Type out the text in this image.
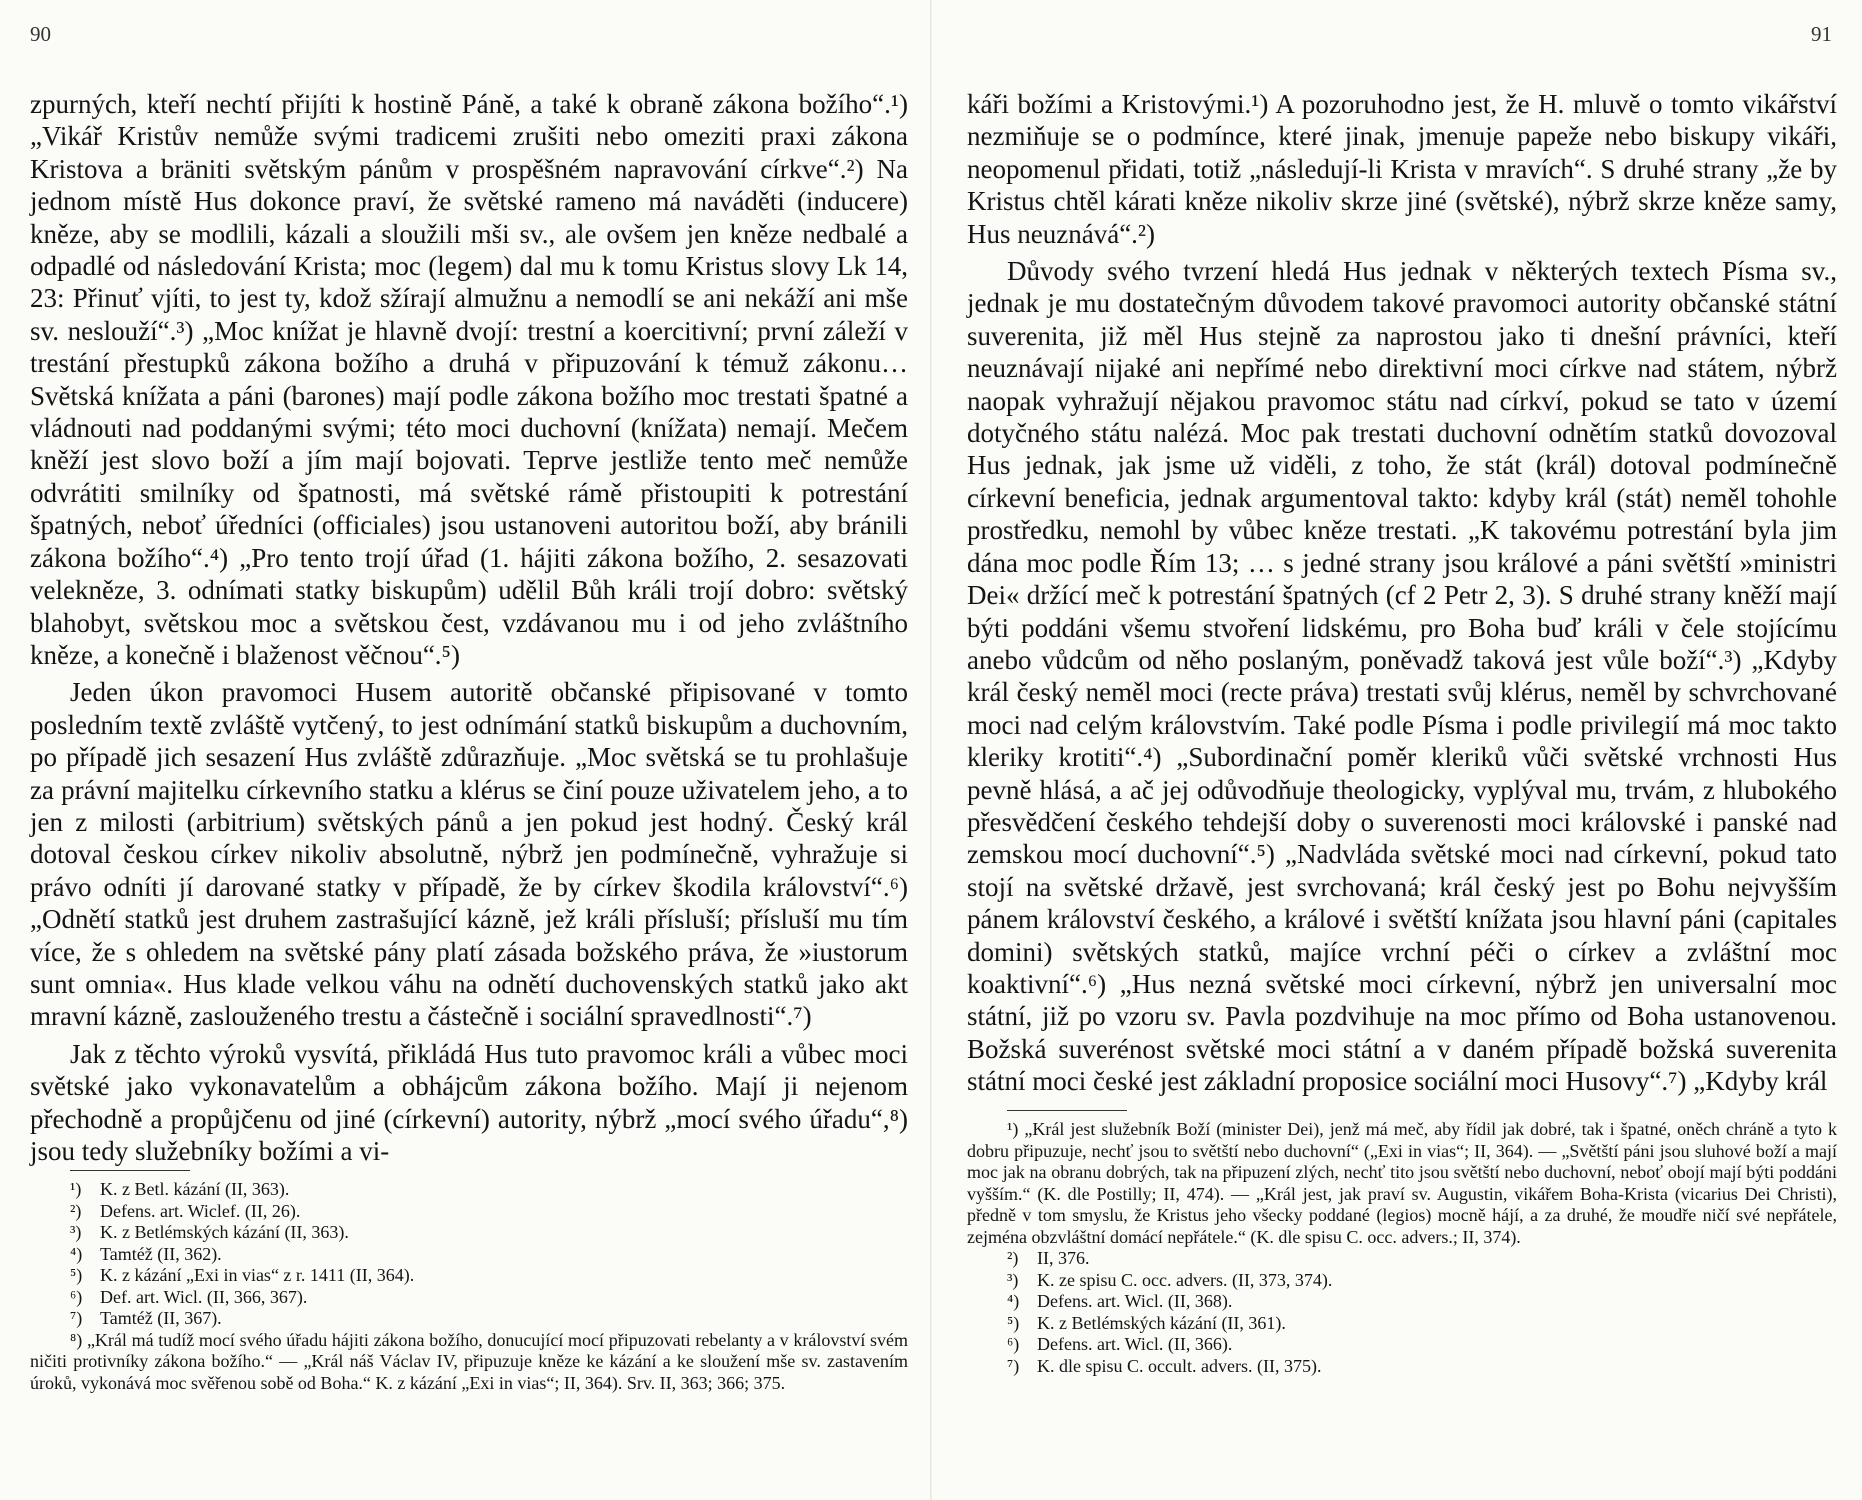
90

zpurných, kteří nechtí přijíti k hostině Páně, a také k obraně zákona božího“.¹) „Vikář Kristův nemůže svými tradicemi zrušiti nebo omeziti praxi zákona Kristova a bräniti světským pánům v prospěšném napravování církve“.²) Na jednom místě Hus dokonce praví, že světské rameno má naváděti (inducere) kněze, aby se modlili, kázali a sloužili mši sv., ale ovšem jen kněze nedbalé a odpadlé od následování Krista; moc (legem) dal mu k tomu Kristus slovy Lk 14, 23: Přinuť vjíti, to jest ty, kdož sžírají almužnu a nemodlí se ani nekáží ani mše sv. neslouží“.³) „Moc knížat je hlavně dvojí: trestní a koercitivní; první záleží v trestání přestupků zákona božího a druhá v připuzování k témuž zákonu… Světská knížata a páni (barones) mají podle zákona božího moc trestati špatné a vládnouti nad poddanými svými; této moci duchovní (knížata) nemají. Mečem kněží jest slovo boží a jím mají bojovati. Teprve jestliže tento meč nemůže odvrátiti smilníky od špatnosti, má světské rámě přistoupiti k potrestání špatných, neboť úředníci (officiales) jsou ustanoveni autoritou boží, aby bránili zákona božího“.⁴) „Pro tento trojí úřad (1. hájiti zákona božího, 2. sesazovati velekněze, 3. odnímati statky biskupům) udělil Bůh králi trojí dobro: světský blahobyt, světskou moc a světskou čest, vzdávanou mu i od jeho zvláštního kněze, a konečně i blaženost věčnou“.⁵)

Jeden úkon pravomoci Husem autoritě občanské připisované v tomto posledním textě zvláště vytčený, to jest odnímání statků biskupům a duchovním, po případě jich sesazení Hus zvláště zdůrazňuje. „Moc světská se tu prohlašuje za právní majitelku církevního statku a klérus se činí pouze uživatelem jeho, a to jen z milosti (arbitrium) světských pánů a jen pokud jest hodný. Český král dotoval českou církev nikoliv absolutně, nýbrž jen podmínečně, vyhražuje si právo odníti jí darované statky v případě, že by církev škodila království“.⁶) „Odnětí statků jest druhem zastrašující kázně, jež králi přísluší; přísluší mu tím více, že s ohledem na světské pány platí zásada božského práva, že »iustorum sunt omnia«. Hus klade velkou váhu na odnětí duchovenských statků jako akt mravní kázně, zaslouženého trestu a částečně i sociální spravedlnosti“.⁷)

Jak z těchto výroků vysvítá, přikládá Hus tuto pravomoc králi a vůbec moci světské jako vykonavatelům a obhájcům zákona božího. Mají ji nejenom přechodně a propůjčenu od jiné (církevní) autority, nýbrž „mocí svého úřadu“,⁸) jsou tedy služebníky božími a vi-

¹)	K. z Betl. kázání (II, 363).
²)	Defens. art. Wiclef. (II, 26).
³)	K. z Betlémských kázání (II, 363).
⁴) Tamtéž (II, 362).
⁵) K. z kázání „Exi in vias“ z r. 1411 (II, 364).
⁶) Def. art. Wicl. (II, 366, 367).
⁷) Tamtéž (II, 367).
⁸) „Král má tudíž mocí svého úřadu hájiti zákona božího, donucující mocí připuzovati rebelanty a v království svém ničiti protivníky zákona božího.“ — „Král náš Václav IV, připuzuje kněze ke kázání a ke sloužení mše sv. zastavením úroků, vykonává moc svěřenou sobě od Boha.“ K. z kázání „Exi in vias“; II, 364). Srv. II, 363; 366; 375.
91

káři božími a Kristovými.¹) A pozoruhodno jest, že H. mluvě o tomto vikářství nezmiňuje se o podmínce, které jinak, jmenuje papeže nebo biskupy vikáři, neopomenul přidati, totiž „následují-li Krista v mravích“. S druhé strany „že by Kristus chtěl kárati kněze nikoliv skrze jiné (světské), nýbrž skrze kněze samy, Hus neuznává“.²)

Důvody svého tvrzení hledá Hus jednak v některých textech Písma sv., jednak je mu dostatečným důvodem takové pravomoci autority občanské státní suverenita, již měl Hus stejně za naprostou jako ti dnešní právníci, kteří neuznávají nijaké ani nepřímé nebo direktivní moci církve nad státem, nýbrž naopak vyhražují nějakou pravomoc státu nad církví, pokud se tato v území dotyčného státu nalézá. Moc pak trestati duchovní odnětím statků dovozoval Hus jednak, jak jsme už viděli, z toho, že stát (král) dotoval podmínečně církevní beneficia, jednak argumentoval takto: kdyby král (stát) neměl tohohle prostředku, nemohl by vůbec kněze trestati. „K takovému potrestání byla jim dána moc podle Řím 13; … s jedné strany jsou králové a páni světští »ministri Dei« držící meč k potrestání špatných (cf 2 Petr 2, 3). S druhé strany kněží mají býti poddáni všemu stvoření lidskému, pro Boha buď králi v čele stojícímu anebo vůdcům od něho poslaným, poněvadž taková jest vůle boží“.³) „Kdyby král český neměl moci (recte práva) trestati svůj klérus, neměl by schvrchované moci nad celým královstvím. Také podle Písma i podle privilegií má moc takto kleriky krotiti“.⁴) „Subordinační poměr kleriků vůči světské vrchnosti Hus pevně hlásá, a ač jej odůvodňuje theologicky, vyplýval mu, trvám, z hlubokého přesvědčení českého tehdejší doby o suverenosti moci královské i panské nad zemskou mocí duchovní“.⁵) „Nadvláda světské moci nad církevní, pokud tato stojí na světské državě, jest svrchovaná; král český jest po Bohu nejvyšším pánem království českého, a králové i světští knížata jsou hlavní páni (capitales domini) světských statků, majíce vrchní péči o církev a zvláštní moc koaktivní“.⁶) „Hus nezná světské moci církevní, nýbrž jen universalní moc státní, již po vzoru sv. Pavla pozdvihuje na moc přímo od Boha ustanovenou. Božská suverénost světské moci státní a v daném případě božská suverenita státní moci české jest základní proposice sociální moci Husovy“.⁷) „Kdyby král

¹) „Král jest služebník Boží (minister Dei), jenž má meč, aby řídil jak dobré, tak i špatné, oněch chráně a tyto k dobru připuzuje, nechť jsou to světští nebo duchovní“ („Exi in vias“; II, 364). — „Světští páni jsou sluhové boží a mají moc jak na obranu dobrých, tak na připuzení zlých, nechť tito jsou světští nebo duchovní, neboť obojí mají býti poddáni vyšším.“ (K. dle Postilly; II, 474). — „Král jest, jak praví sv. Augustin, vikářem Boha-Krista (vicarius Dei Christi), předně v tom smyslu, že Kristus jeho všecky poddané (legios) mocně hájí, a za druhé, že moudře ničí své nepřátele, zejména obzvláštní domácí nepřátele.“ (K. dle spisu C. occ. advers.; II, 374).
²)	II, 376.
³)	K. ze spisu C. occ. advers. (II, 373, 374).
⁴) Defens. art. Wicl. (II, 368).
⁵) K. z Betlémských kázání (II, 361).
⁶) Defens. art. Wicl. (II, 366).
⁷) K. dle spisu C. occult. advers. (II, 375).
